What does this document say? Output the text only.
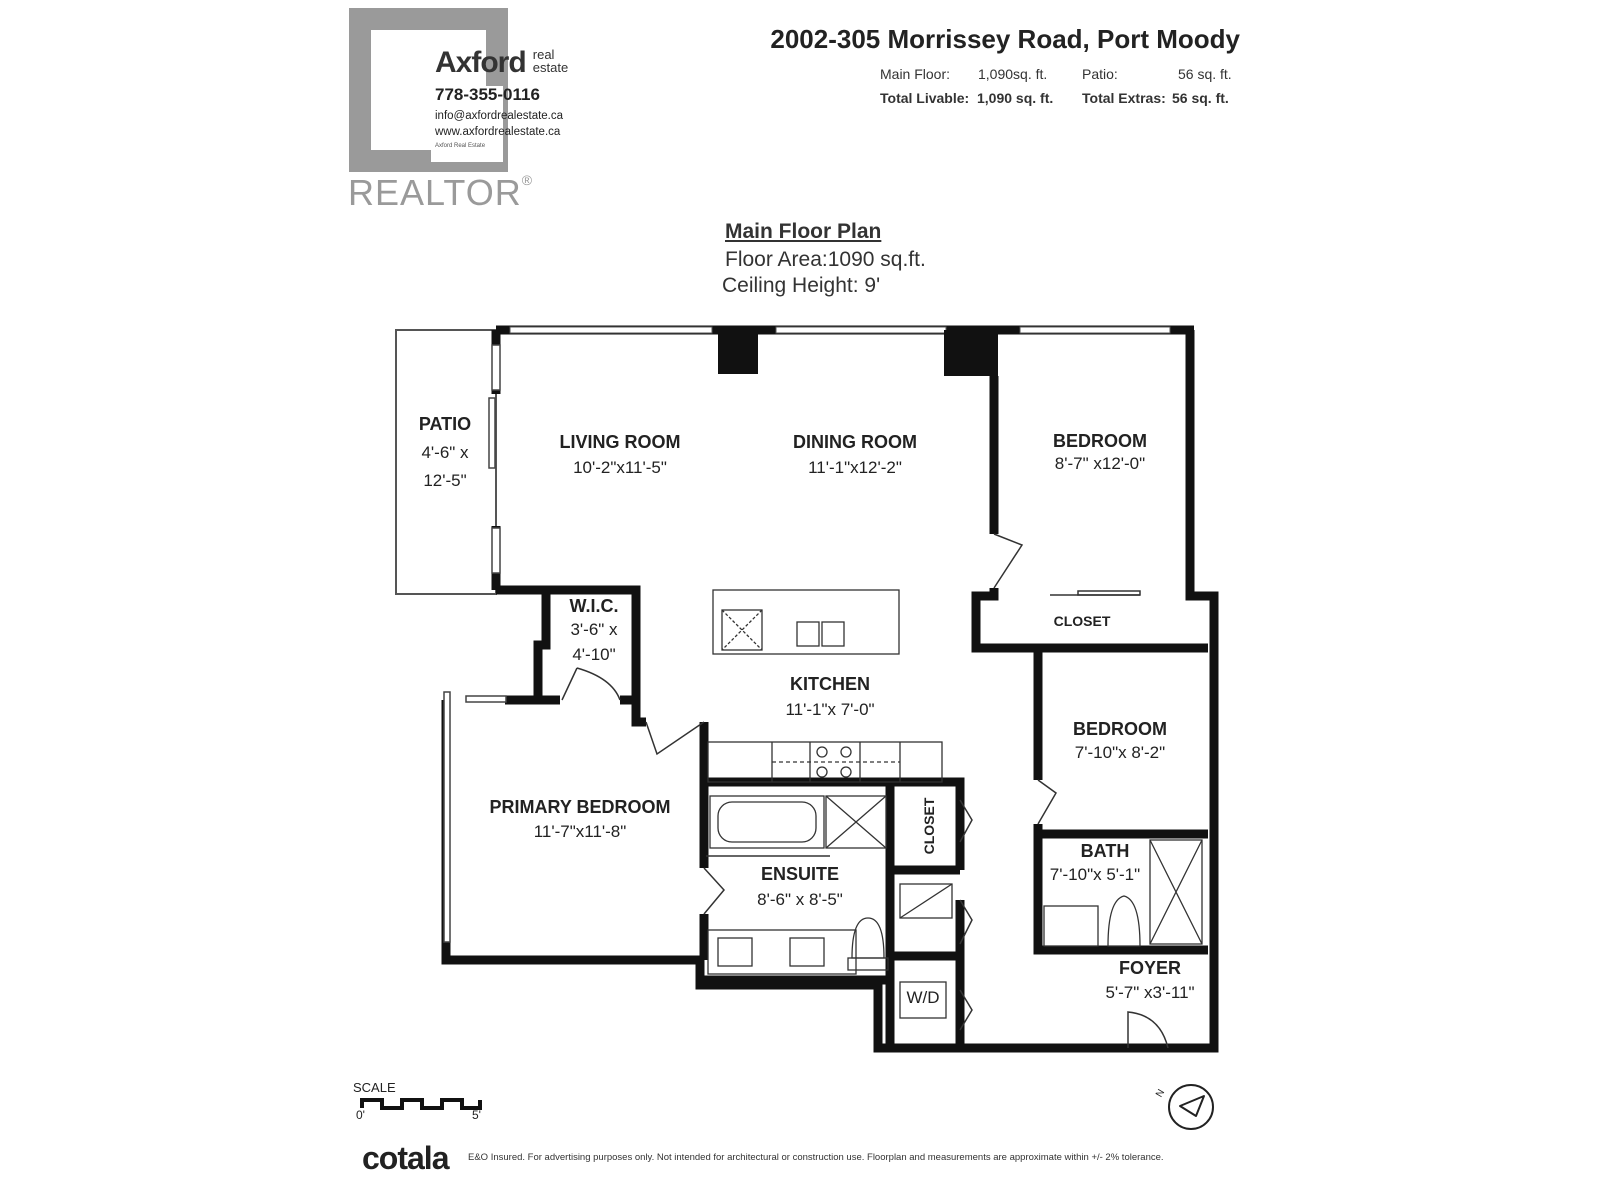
REALTOR®
Axford real
estate
778-355-0116
info@axfordrealestate.ca
www.axfordrealestate.ca
Axford Real Estate
2002-305 Morrissey Road, Port Moody
Main Floor: 1,090sq. ft. Patio:	56 sq. ft.
Total Livable: 1,090 sq. ft. Total Extras: 56 sq. ft.
Main Floor Plan
Floor Area:1090 sq.ft.
Ceiling Height: 9'
PATIO
4'-6" x
12'-5"
LIVING ROOM
10'-2"x11'-5"
DINING ROOM
11'-1"x12'-2"
BEDROOM
8'-7" x12'-0"
CLOSET
W.I.C.
3'-6" x
4'-10"
KITCHEN
11'-1"x 7'-0"
BEDROOM
7'-10"x 8'-2"
PRIMARY BEDROOM
11'-7"x11'-8"	CLOSET
ENSUITE
8'-6" x 8'-5"
BATH
7'-10"x 5'-1"
W/D
FOYER
5'-7" x3'-11"
SCALE
0'	5'
N
cotala E&O Insured. For advertising purposes only. Not intended for architectural or construction use. Floorplan and measurements are approximate within +/- 2% tolerance.
